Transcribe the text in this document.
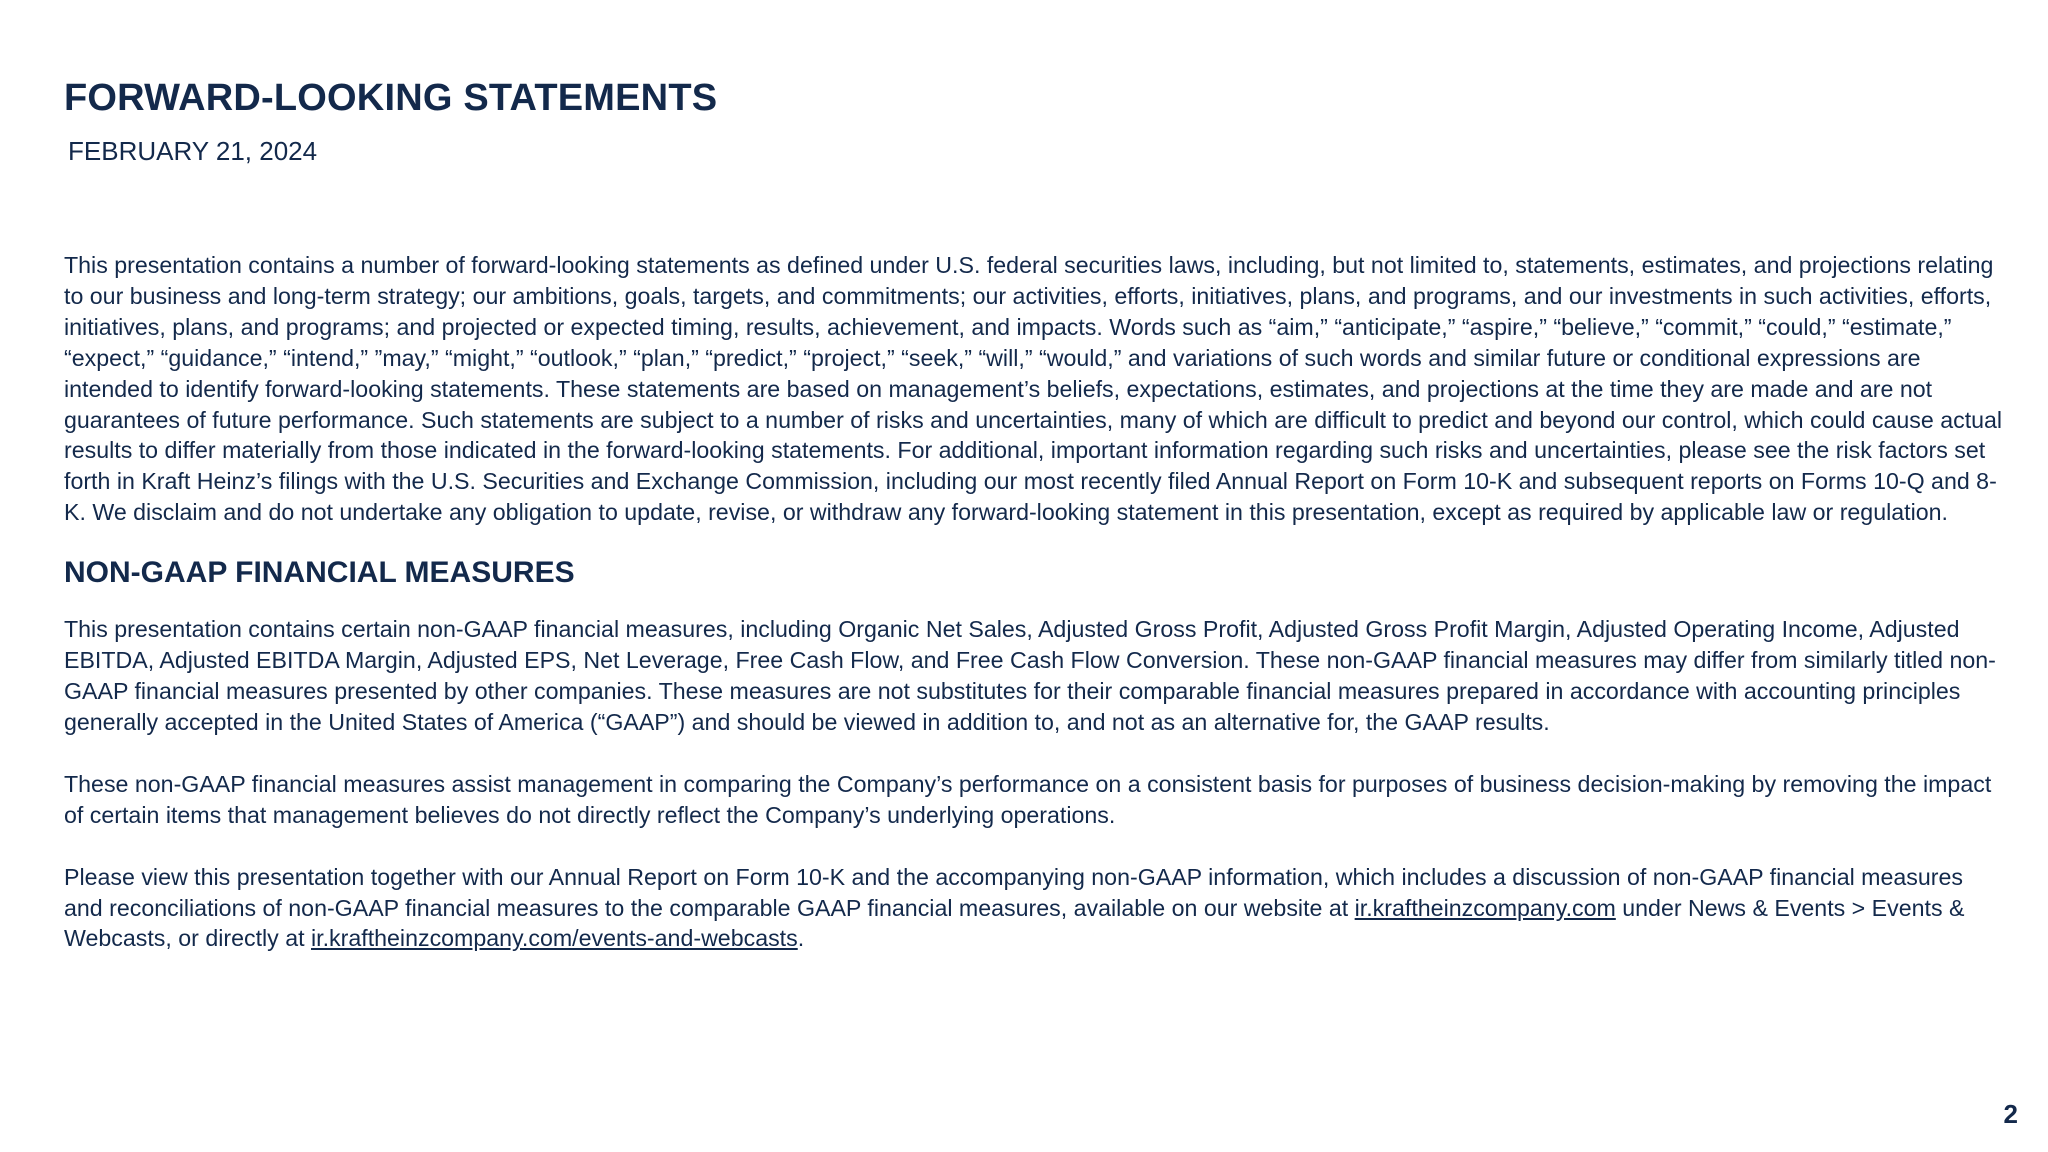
FORWARD-LOOKING STATEMENTS
FEBRUARY 21, 2024

This presentation contains a number of forward-looking statements as defined under U.S. federal securities laws, including, but not limited to, statements, estimates, and projections relating to our business and long-term strategy; our ambitions, goals, targets, and commitments; our activities, efforts, initiatives, plans, and programs, and our investments in such activities, efforts, initiatives, plans, and programs; and projected or expected timing, results, achievement, and impacts. Words such as “aim,” “anticipate,” “aspire,” “believe,” “commit,” “could,” “estimate,” “expect,” “guidance,” “intend,” ”may,” “might,” “outlook,” “plan,” “predict,” “project,” “seek,” “will,” “would,” and variations of such words and similar future or conditional expressions are intended to identify forward-looking statements. These statements are based on management’s beliefs, expectations, estimates, and projections at the time they are made and are not guarantees of future performance. Such statements are subject to a number of risks and uncertainties, many of which are difficult to predict and beyond our control, which could cause actual results to differ materially from those indicated in the forward-looking statements. For additional, important information regarding such risks and uncertainties, please see the risk factors set forth in Kraft Heinz’s filings with the U.S. Securities and Exchange Commission, including our most recently filed Annual Report on Form 10-K and subsequent reports on Forms 10-Q and 8-K. We disclaim and do not undertake any obligation to update, revise, or withdraw any forward-looking statement in this presentation, except as required by applicable law or regulation.

NON-GAAP FINANCIAL MEASURES

This presentation contains certain non-GAAP financial measures, including Organic Net Sales, Adjusted Gross Profit, Adjusted Gross Profit Margin, Adjusted Operating Income, Adjusted EBITDA, Adjusted EBITDA Margin, Adjusted EPS, Net Leverage, Free Cash Flow, and Free Cash Flow Conversion. These non-GAAP financial measures may differ from similarly titled non-GAAP financial measures presented by other companies. These measures are not substitutes for their comparable financial measures prepared in accordance with accounting principles generally accepted in the United States of America (“GAAP”) and should be viewed in addition to, and not as an alternative for, the GAAP results.

These non-GAAP financial measures assist management in comparing the Company’s performance on a consistent basis for purposes of business decision-making by removing the impact of certain items that management believes do not directly reflect the Company’s underlying operations.

Please view this presentation together with our Annual Report on Form 10-K and the accompanying non-GAAP information, which includes a discussion of non-GAAP financial measures and reconciliations of non-GAAP financial measures to the comparable GAAP financial measures, available on our website at ir.kraftheinzcompany.com under News & Events > Events & Webcasts, or directly at ir.kraftheinzcompany.com/events-and-webcasts.

2
